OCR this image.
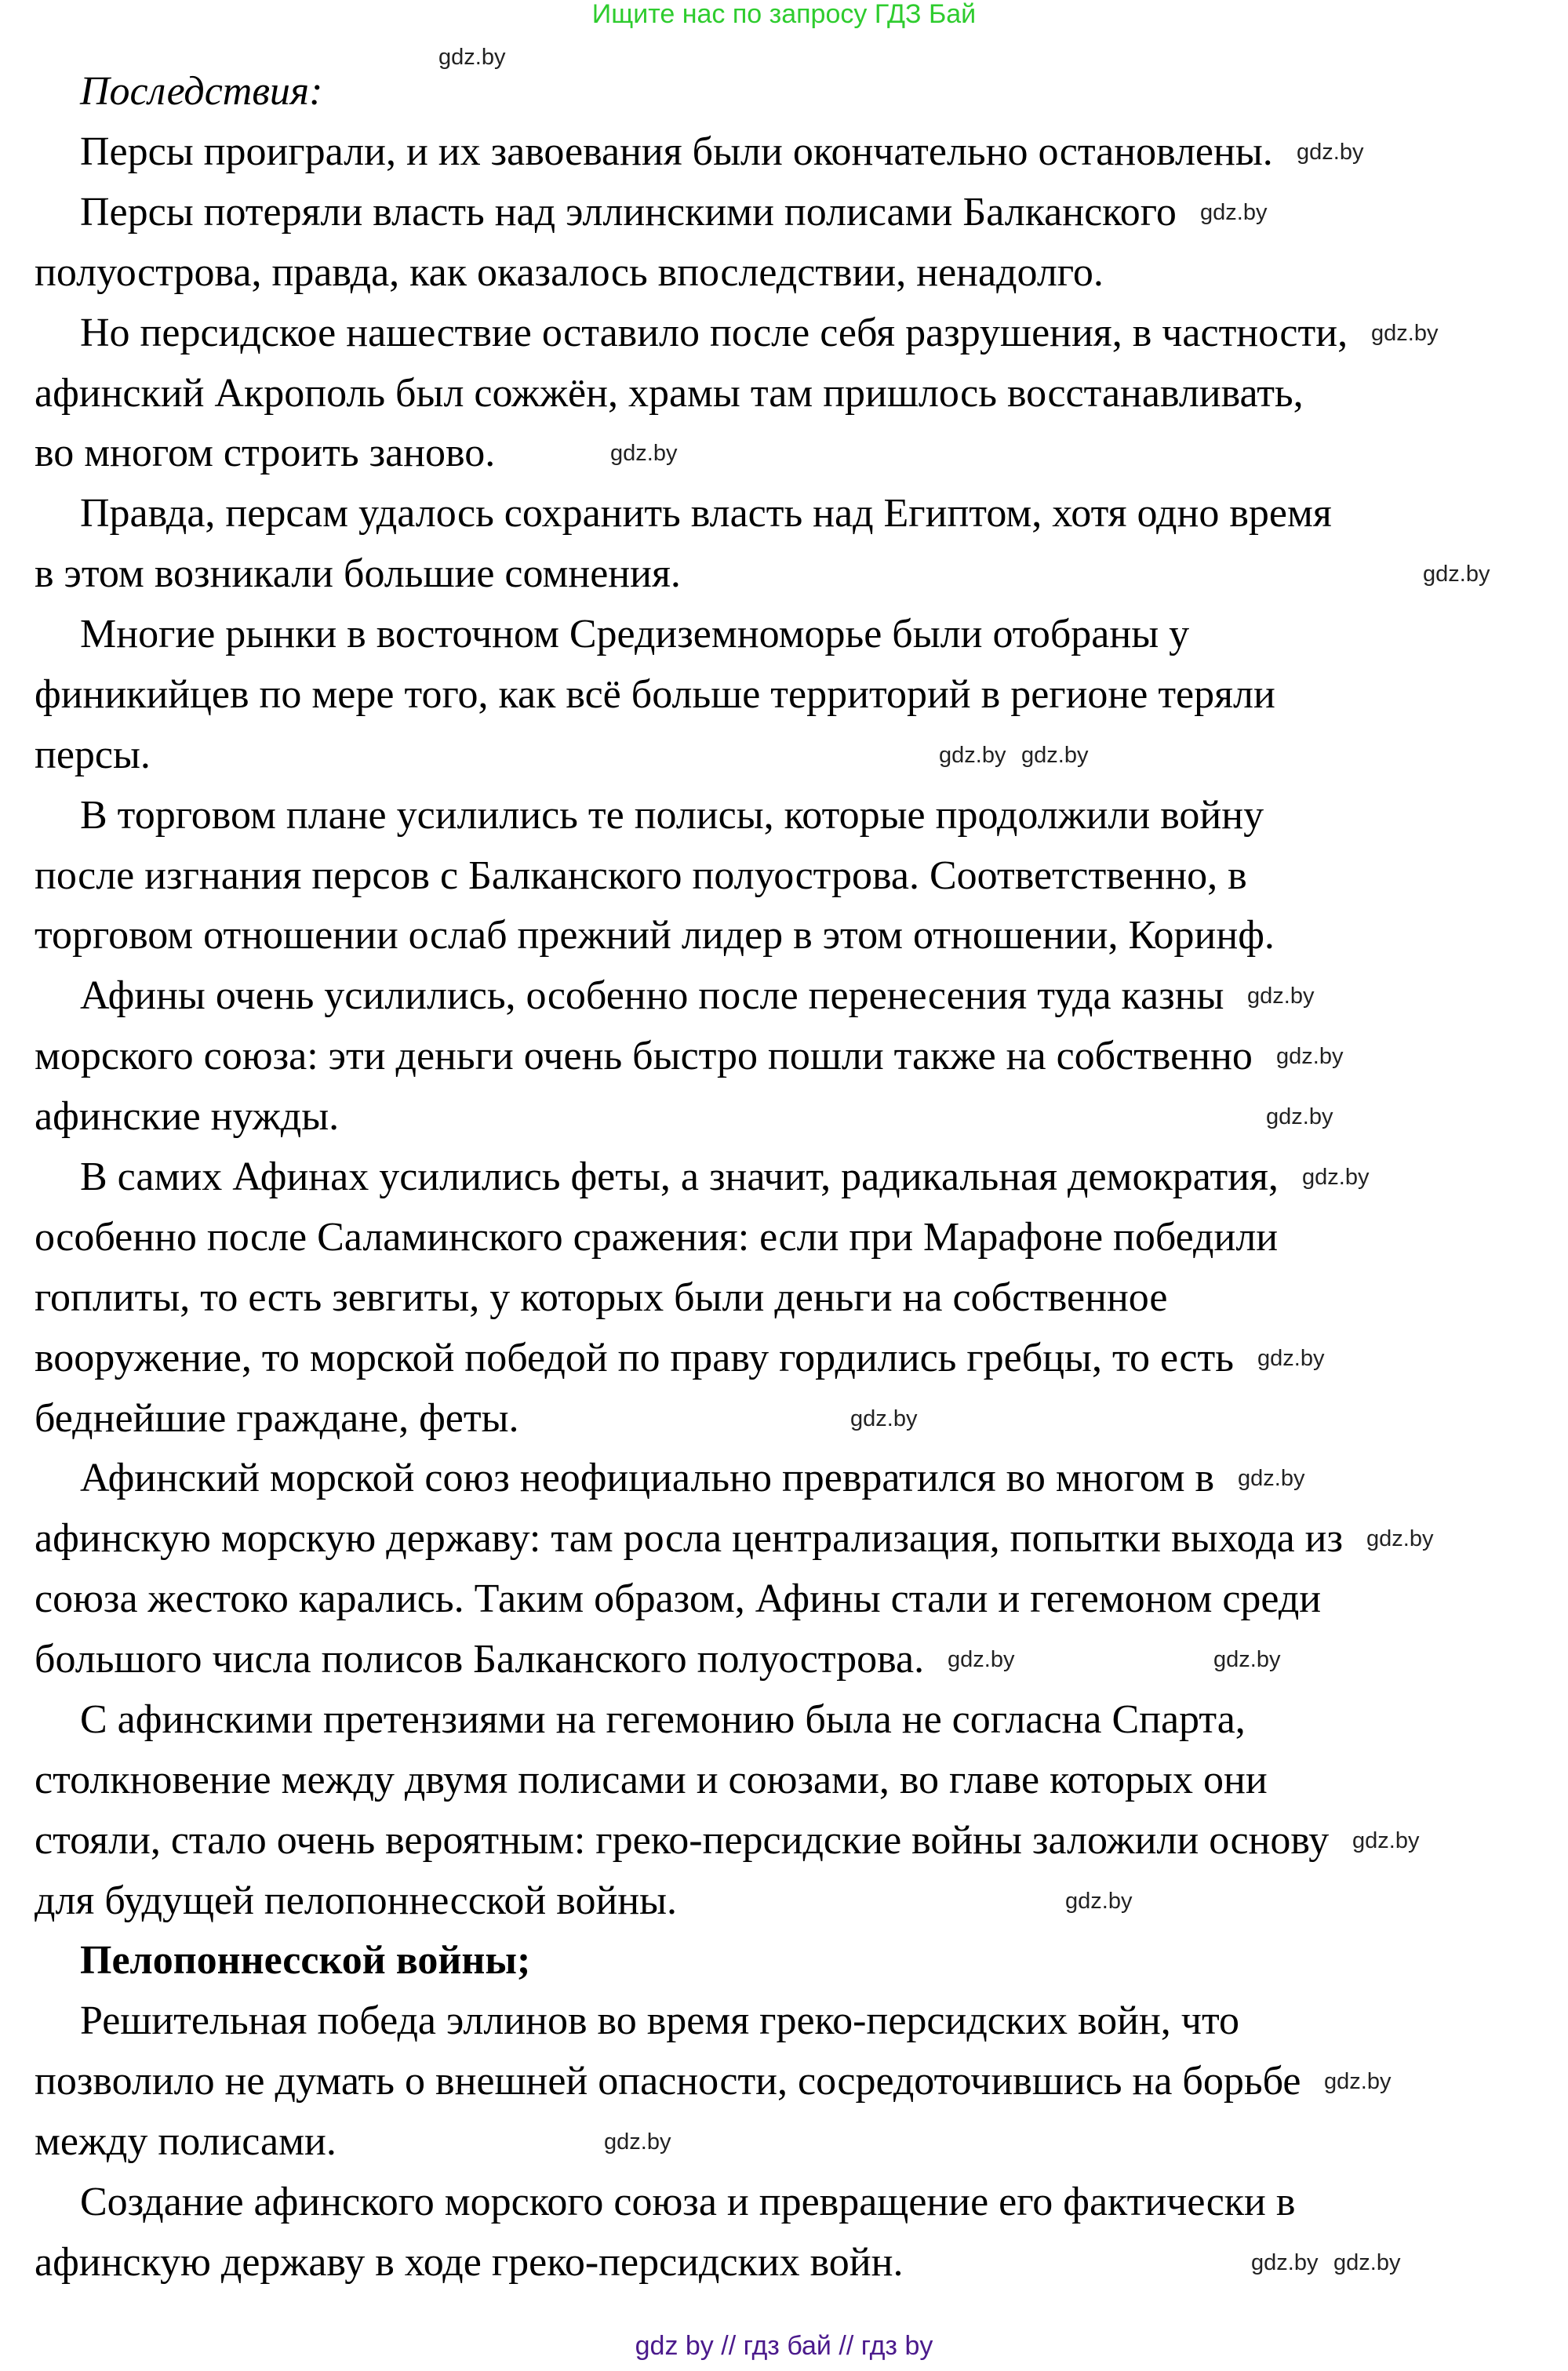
Ищите нас по запросу ГДЗ Бай
Последствия:
Персы проиграли, и их завоевания были окончательно остановлены.
Персы потеряли власть над эллинскими полисами Балканского
полуострова, правда, как оказалось впоследствии, ненадолго.
Но персидское нашествие оставило после себя разрушения, в частности,
афинский Акрополь был сожжён, храмы там пришлось восстанавливать,
во многом строить заново.
Правда, персам удалось сохранить власть над Египтом, хотя одно время
в этом возникали большие сомнения.
Многие рынки в восточном Средиземноморье были отобраны у
финикийцев по мере того, как всё больше территорий в регионе теряли
персы.
В торговом плане усилились те полисы, которые продолжили войну
после изгнания персов с Балканского полуострова. Соответственно, в
торговом отношении ослаб прежний лидер в этом отношении, Коринф.
Афины очень усилились, особенно после перенесения туда казны
морского союза: эти деньги очень быстро пошли также на собственно
афинские нужды.
В самих Афинах усилились феты, а значит, радикальная демократия,
особенно после Саламинского сражения: если при Марафоне победили
гоплиты, то есть зевгиты, у которых были деньги на собственное
вооружение, то морской победой по праву гордились гребцы, то есть
беднейшие граждане, феты.
Афинский морской союз неофициально превратился во многом в
афинскую морскую державу: там росла централизация, попытки выхода из
союза жестоко карались. Таким образом, Афины стали и гегемоном среди
большого числа полисов Балканского полуострова.
С афинскими претензиями на гегемонию была не согласна Спарта,
столкновение между двумя полисами и союзами, во главе которых они
стояли, стало очень вероятным: греко-персидские войны заложили основу
для будущей пелопоннесской войны.
Пелопоннесской войны;
Решительная победа эллинов во время греко-персидских войн, что
позволило не думать о внешней опасности, сосредоточившись на борьбе
между полисами.
Создание афинского морского союза и превращение его фактически в
афинскую державу в ходе греко-персидских войн.
gdz.by
gdz.by
gdz.by
gdz.by
gdz.by
gdz.by
gdz.by gdz.by
gdz.by
gdz.by
gdz.by
gdz.by
gdz.by
gdz.by
gdz.by
gdz.by
gdz.by	gdz.by
gdz.by
gdz.by
gdz.by
gdz.by
gdz.by gdz.by
gdz by // гдз бай // гдз by
